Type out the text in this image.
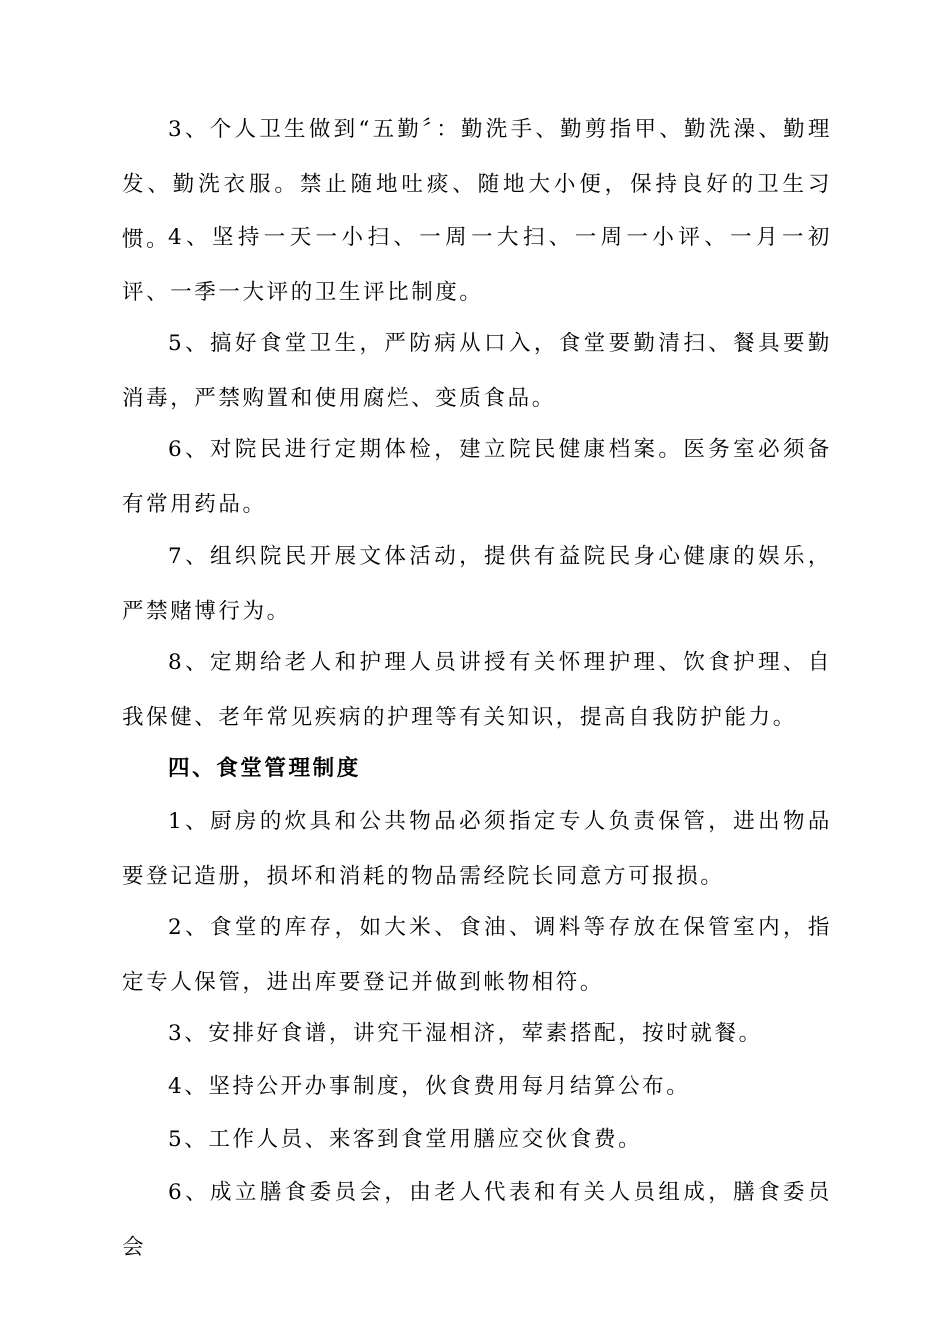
3、个人卫生做到“五勤〞：勤洗手、勤剪指甲、勤洗澡、勤理发、勤洗衣服。禁止随地吐痰、随地大小便，保持良好的卫生习惯。

4、坚持一天一小扫、一周一大扫、一周一小评、一月一初评、一季一大评的卫生评比制度。

5、搞好食堂卫生，严防病从口入，食堂要勤清扫、餐具要勤消毒，严禁购置和使用腐烂、变质食品。

6、对院民进行定期体检，建立院民健康档案。医务室必须备有常用药品。

7、组织院民开展文体活动，提供有益院民身心健康的娱乐，严禁赌博行为。

8、定期给老人和护理人员讲授有关怀理护理、饮食护理、自我保健、老年常见疾病的护理等有关知识，提高自我防护能力。

四、食堂管理制度

1、厨房的炊具和公共物品必须指定专人负责保管，进出物品要登记造册，损坏和消耗的物品需经院长同意方可报损。

2、食堂的库存，如大米、食油、调料等存放在保管室内，指定专人保管，进出库要登记并做到帐物相符。

3、安排好食谱，讲究干湿相济，荤素搭配，按时就餐。

4、坚持公开办事制度，伙食费用每月结算公布。

5、工作人员、来客到食堂用膳应交伙食费。

6、成立膳食委员会，由老人代表和有关人员组成，膳食委员会
